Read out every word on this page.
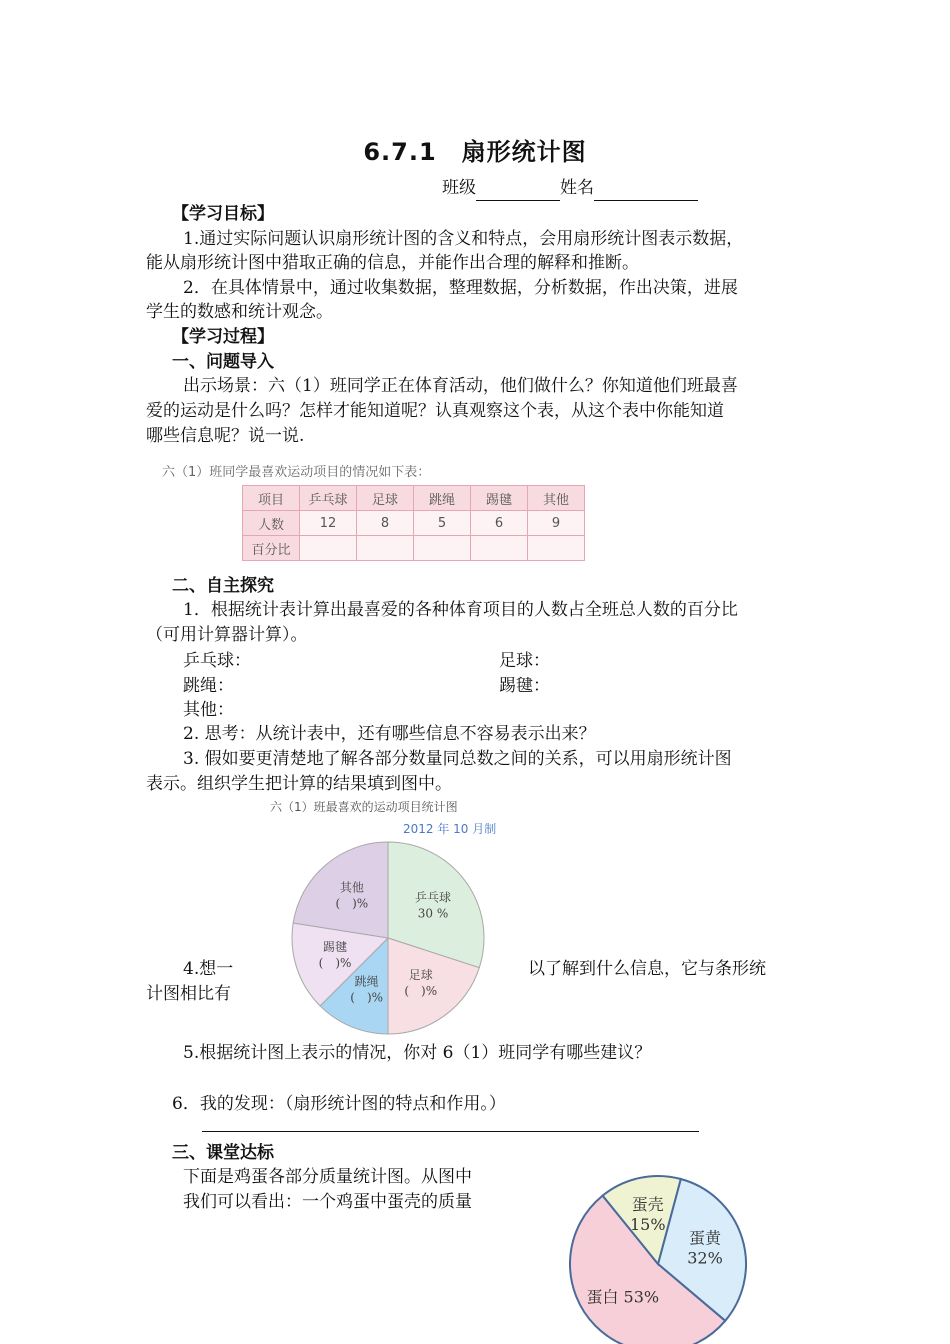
6.7.1　扇形统计图
班级	姓名
【学习目标】
1.通过实际问题认识扇形统计图的含义和特点，会用扇形统计图表示数据，
能从扇形统计图中猎取正确的信息，并能作出合理的解释和推断。
2．在具体情景中，通过收集数据，整理数据，分析数据，作出决策，进展
学生的数感和统计观念。
【学习过程】
一、问题导入
出示场景：六（1）班同学正在体育活动，他们做什么？你知道他们班最喜
爱的运动是什么吗？怎样才能知道呢？认真观察这个表，从这个表中你能知道
哪些信息呢？说一说.
六（1）班同学最喜欢运动项目的情况如下表：
项目	乒乓球	足球	跳绳	踢毽	其他
人数	12	8	5	6	9
百分比					
二、自主探究
1．根据统计表计算出最喜爱的各种体育项目的人数占全班总人数的百分比
（可用计算器计算）。
乒乓球：	足球：
跳绳：	踢毽：
其他：
2. 思考：从统计表中，还有哪些信息不容易表示出来？
3. 假如要更清楚地了解各部分数量同总数之间的关系，可以用扇形统计图
表示。组织学生把计算的结果填到图中。
六（1）班最喜欢的运动项目统计图
2012 年 10 月制
乒乓球
30 %
足球
(　)%
跳绳
(　)%
踢毽
(　)%
其他
(　)%
4.想一	以了解到什么信息，它与条形统
计图相比有
5.根据统计图上表示的情况，你对 6（1）班同学有哪些建议？
6．我的发现：（扇形统计图的特点和作用。）
三、课堂达标
下面是鸡蛋各部分质量统计图。从图中
我们可以看出：一个鸡蛋中蛋壳的质量
蛋黄
32%
蛋白 53%
蛋壳
15%
